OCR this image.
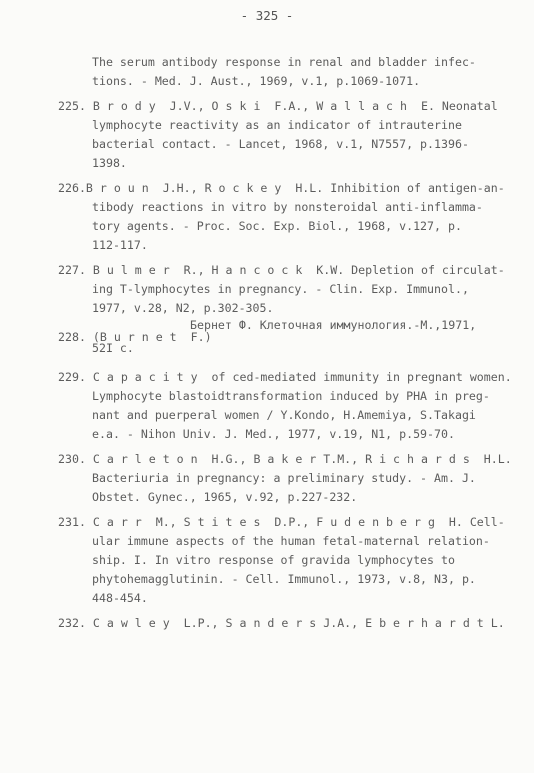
- 325 -
The serum antibody response in renal and bladder infec-
tions. - Med. J. Aust., 1969, v.1, p.1069-1071.
225. B r o d y  J.V., O s k i  F.A., W a l l a c h  E. Neonatal
lymphocyte reactivity as an indicator of intrauterine
bacterial contact. - Lancet, 1968, v.1, N7557, p.1396-
1398.
226.B r o u n  J.H., R o c k e y  H.L. Inhibition of antigen-an-
tibody reactions in vitro by nonsteroidal anti-inflamma-
tory agents. - Proc. Soc. Exp. Biol., 1968, v.127, p.
112-117.
227. B u l m e r  R., H a n c o c k  K.W. Depletion of circulat-
ing T-lymphocytes in pregnancy. - Clin. Exp. Immunol.,
1977, v.28, N2, p.302-305.
228. (B u r n e t  F.)
Бернет Ф. Клеточная иммунология.-М.,1971,
52I с.
229. C a p a c i t y  of ced-mediated immunity in pregnant women.
Lymphocyte blastoidtransformation induced by PHA in preg-
nant and puerperal women / Y.Kondo, H.Amemiya, S.Takagi
e.a. - Nihon Univ. J. Med., 1977, v.19, N1, p.59-70.
230. C a r l e t o n  H.G., B a k e r T.M., R i c h a r d s  H.L.
Bacteriuria in pregnancy: a preliminary study. - Am. J.
Obstet. Gynec., 1965, v.92, p.227-232.
231. C a r r  M., S t i t e s  D.P., F u d e n b e r g  H. Cell-
ular immune aspects of the human fetal-maternal relation-
ship. I. In vitro response of gravida lymphocytes to
phytohemagglutinin. - Cell. Immunol., 1973, v.8, N3, p.
448-454.
232. C a w l e y  L.P., S a n d e r s J.A., E b e r h a r d t L.
